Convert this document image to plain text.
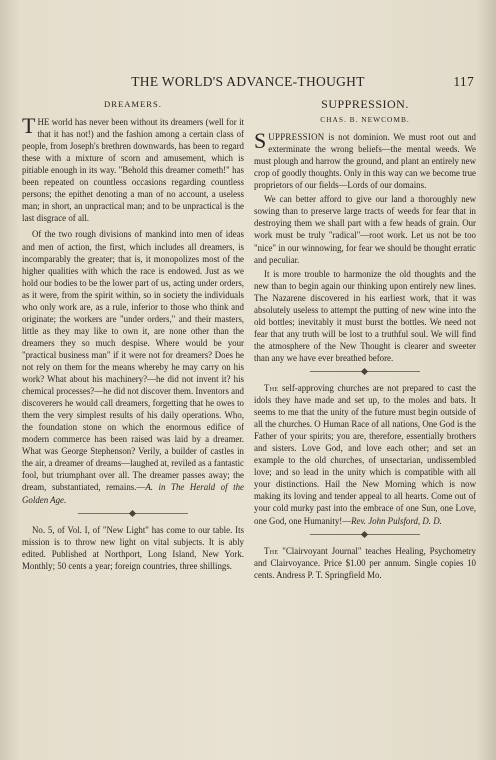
THE WORLD'S ADVANCE-THOUGHT	117
DREAMERS.

THE world has never been without its dreamers (well for it that it has not!) and the fashion among a certain class of people, from Joseph's brethren downwards, has been to regard these with a mixture of scorn and amusement, which is pitiable enough in its way. "Behold this dreamer cometh!" has been repeated on countless occasions regarding countless persons; the epithet denoting a man of no account, a useless man; in short, an unpractical man; and to be unpractical is the last disgrace of all.

Of the two rough divisions of mankind into men of ideas and men of action, the first, which includes all dreamers, is incomparably the greater; that is, it monopolizes most of the higher qualities with which the race is endowed. Just as we hold our bodies to be the lower part of us, acting under orders, as it were, from the spirit within, so in society the individuals who only work are, as a rule, inferior to those who think and originate; the workers are "under orders," and their masters, little as they may like to own it, are none other than the dreamers they so much despise. Where would be your "practical business man" if it were not for dreamers? Does he not rely on them for the means whereby he may carry on his work? What about his machinery?—he did not invent it? his chemical processes?—he did not discover them. Inventors and discoverers he would call dreamers, forgetting that he owes to them the very simplest results of his daily operations. Who, the foundation stone on which the enormous edifice of modern commerce has been raised was laid by a dreamer. What was George Stephenson? Verily, a builder of castles in the air, a dreamer of dreams—laughed at, reviled as a fantastic fool, but triumphant over all. The dreamer passes away; the dream, substantiated, remains.—A. in The Herald of the Golden Age.

No. 5, of Vol. I, of "New Light" has come to our table. Its mission is to throw new light on vital subjects. It is ably edited. Published at Northport, Long Island, New York. Monthly; 50 cents a year; foreign countries, three shillings.

SUPPRESSION.
CHAS. B. NEWCOMB.

SUPPRESSION is not dominion. We must root out and exterminate the wrong beliefs—the mental weeds. We must plough and harrow the ground, and plant an entirely new crop of goodly thoughts. Only in this way can we become true proprietors of our fields—Lords of our domains.

We can better afford to give our land a thoroughly new sowing than to preserve large tracts of weeds for fear that in destroying them we shall part with a few heads of grain. Our work must be truly "radical"—root work. Let us not be too "nice" in our winnowing, for fear we should be thought erratic and peculiar.

It is more trouble to harmonize the old thoughts and the new than to begin again our thinking upon entirely new lines. The Nazarene discovered in his earliest work, that it was absolutely useless to attempt the putting of new wine into the old bottles; inevitably it must burst the bottles. We need not fear that any truth will be lost to a truthful soul. We will find the atmosphere of the New Thought is clearer and sweeter than any we have ever breathed before.

The self-approving churches are not prepared to cast the idols they have made and set up, to the moles and bats. It seems to me that the unity of the future must begin outside of all the churches. O Human Race of all nations, One God is the Father of your spirits; you are, therefore, essentially brothers and sisters. Love God, and love each other; and set an example to the old churches, of unsectarian, undissembled love; and so lead in the unity which is compatible with all your distinctions. Hail the New Morning which is now making its loving and tender appeal to all hearts. Come out of your cold murky past into the embrace of one Sun, one Love, one God, one Humanity!—Rev. John Pulsford, D. D.

The "Clairvoyant Journal" teaches Healing, Psychometry and Clairvoyance. Price $1.00 per annum. Single copies 10 cents. Andress P. T. Springfield Mo.
